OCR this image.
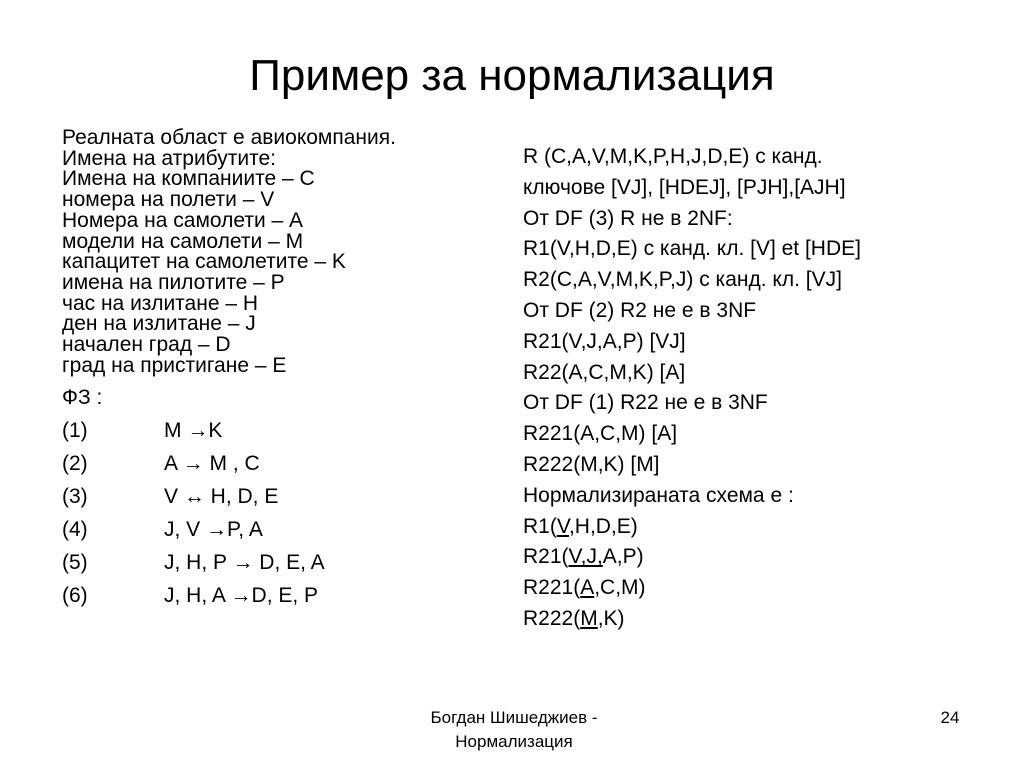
Пример за нормализация
Реалната област е авиокомпания.
Имена на атрибутите:
Имена на компаниите – C
номера на полети – V
Номера на самолети – A
модели на самолети – M
капацитет на самолетите – K
имена на пилотите – P
час на излитане – H
ден на излитане – J
начален град – D
град на пристигане – E
ФЗ :
(1)	M →K
(2)	A → M , C
(3)	V ↔ H, D, E
(4)	J, V →P, A
(5)	J, H, P → D, E, A
(6)	J, H, A →D, E, P
R (C,A,V,M,K,P,H,J,D,E) с канд.
ключове [VJ], [HDEJ], [PJH],[AJH]
От DF (3) R не в 2NF:
R1(V,H,D,E) с канд. кл. [V] et [HDE]
R2(C,A,V,M,K,P,J) с канд. кл. [VJ]
От DF (2) R2 не е в 3NF
R21(V,J,A,P) [VJ]
R22(A,C,M,K) [A]
От DF (1) R22 не е в 3NF
R221(A,C,M) [A]
R222(M,K) [M]
Нормализираната схема е :
R1(V,H,D,E)
R21(V,J,A,P)
R221(A,C,M)
R222(M,K)
Богдан Шишеджиев -
Нормализация
24
